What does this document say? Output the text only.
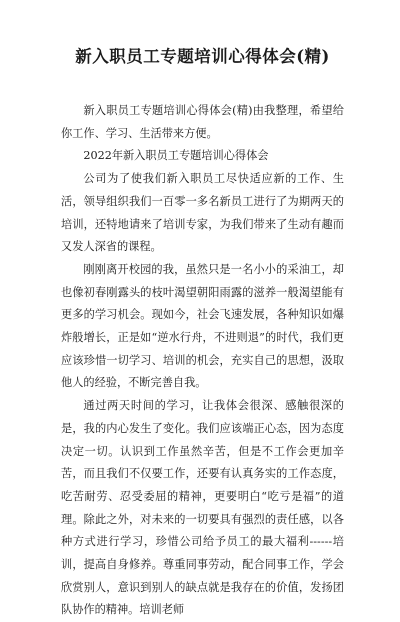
新入职员工专题培训心得体会(精)

新入职员工专题培训心得体会(精)由我整理，希望给你工作、学习、生活带来方便。

2022年新入职员工专题培训心得体会

公司为了使我们新入职员工尽快适应新的工作、生活，领导组织我们一百零一多名新员工进行了为期两天的培训，还特地请来了培训专家，为我们带来了生动有趣而又发人深省的课程。

刚刚离开校园的我，虽然只是一名小小的采油工，却也像初春刚露头的枝叶渴望朝阳雨露的滋养一般渴望能有更多的学习机会。现如今，社会飞速发展，各种知识如爆炸般增长，正是如“逆水行舟，不进则退”的时代，我们更应该珍惜一切学习、培训的机会，充实自己的思想，汲取他人的经验，不断完善自我。

通过两天时间的学习，让我体会很深、感触很深的是，我的内心发生了变化。我们应该端正心态，因为态度决定一切。认识到工作虽然辛苦，但是不工作会更加辛苦，而且我们不仅要工作，还要有认真务实的工作态度，吃苦耐劳、忍受委屈的精神，更要明白“吃亏是福”的道理。除此之外，对未来的一切要具有强烈的责任感，以各种方式进行学习，珍惜公司给予员工的最大福利------培训，提高自身修养。尊重同事劳动，配合同事工作，学会欣赏别人，意识到别人的缺点就是我存在的价值，发扬团队协作的精神。培训老师
